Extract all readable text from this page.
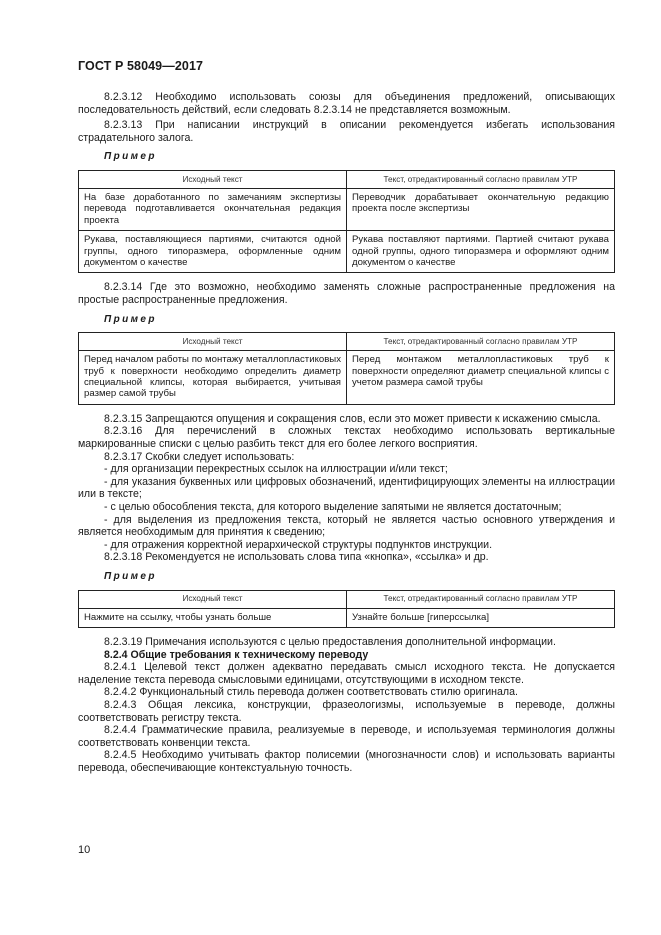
ГОСТ Р 58049—2017

8.2.3.12 Необходимо использовать союзы для объединения предложений, описывающих последовательность действий, если следовать 8.2.3.14 не представляется возможным.

8.2.3.13 При написании инструкций в описании рекомендуется избегать использования страдательного залога.

Пример
Исходный текст	Текст, отредактированный согласно правилам УТР
На базе доработанного по замечаниям экспертизы перевода подготавливается окончательная редакция проекта	Переводчик дорабатывает окончательную редакцию проекта после экспертизы
Рукава, поставляющиеся партиями, считаются одной группы, одного типоразмера, оформленные одним документом о качестве	Рукава поставляют партиями. Партией считают рукава одной группы, одного типоразмера и оформляют одним документом о качестве

8.2.3.14 Где это возможно, необходимо заменять сложные распространенные предложения на простые распространенные предложения.

Пример
Исходный текст	Текст, отредактированный согласно правилам УТР
Перед началом работы по монтажу металлопластиковых труб к поверхности необходимо определить диаметр специальной клипсы, которая выбирается, учитывая размер самой трубы	Перед монтажом металлопластиковых труб к поверхности определяют диаметр специальной клипсы с учетом размера самой трубы

8.2.3.15 Запрещаются опущения и сокращения слов, если это может привести к искажению смысла.

8.2.3.16 Для перечислений в сложных текстах необходимо использовать вертикальные маркированные списки с целью разбить текст для его более легкого восприятия.

8.2.3.17 Скобки следует использовать:

- для организации перекрестных ссылок на иллюстрации и/или текст;

- для указания буквенных или цифровых обозначений, идентифицирующих элементы на иллюстрации или в тексте;

- с целью обособления текста, для которого выделение запятыми не является достаточным;

- для выделения из предложения текста, который не является частью основного утверждения и является необходимым для принятия к сведению;

- для отражения корректной иерархической структуры подпунктов инструкции.

8.2.3.18 Рекомендуется не использовать слова типа «кнопка», «ссылка» и др.

Пример
Исходный текст	Текст, отредактированный согласно правилам УТР
Нажмите на ссылку, чтобы узнать больше	Узнайте больше [гиперссылка]

8.2.3.19 Примечания используются с целью предоставления дополнительной информации.

8.2.4 Общие требования к техническому переводу

8.2.4.1 Целевой текст должен адекватно передавать смысл исходного текста. Не допускается наделение текста перевода смысловыми единицами, отсутствующими в исходном тексте.

8.2.4.2 Функциональный стиль перевода должен соответствовать стилю оригинала.

8.2.4.3 Общая лексика, конструкции, фразеологизмы, используемые в переводе, должны соответствовать регистру текста.

8.2.4.4 Грамматические правила, реализуемые в переводе, и используемая терминология должны соответствовать конвенции текста.

8.2.4.5 Необходимо учитывать фактор полисемии (многозначности слов) и использовать варианты перевода, обеспечивающие контекстуальную точность.

10
